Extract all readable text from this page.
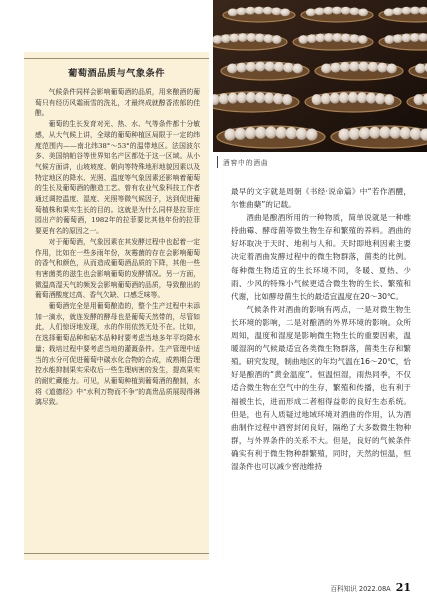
葡萄酒品质与气象条件

气候条件同样会影响葡萄酒的品质，用来酿酒的葡萄只有经历风霜雨雪的洗礼，才最终成就醇香浓郁的佳酿。

葡萄的生长发育对光、热、水、气等条件都十分敏感，从大气候上讲，全球的葡萄种植区局限于一定的纬度范围内——南北纬38°～53°的温带地区。法国波尔多、美国纳帕谷等世界知名产区都处于这一区域。从小气候方面讲，山坡坡度、朝向等特殊地形地貌因素以及特定地区的降水、光照、温度等气象因素还影响着葡萄的生长及葡萄酒的酿造工艺。曾有农业气象科技工作者通过调控温度、湿度、光照等微气候因子，达到促进葡萄植株和果实生长的目的。这就是为什么同样是拉菲庄园出产的葡萄酒，1982年的拉菲要比其他年份的拉菲要更有名的原因之一。

对于葡萄酒，气象因素在其发酵过程中也起着一定作用，比如在一些多雨年份，灰霉菌的存在会影响葡萄的香气和颜色，从而造成葡萄酒品质的下降，其他一些有害菌类的滋生也会影响葡萄的发酵情况。另一方面，微温高湿天气的频发会影响葡萄酒的品质，导致酿出的葡萄酒酸度过高、香气欠缺、口感乏味等。

葡萄酒完全是用葡萄酿造的，整个生产过程中未添加一滴水，就连发酵的酵母也是葡萄天然带的，尽管如此，人们惊讶地发现，水的作用依然无处不在。比如，在选择葡萄品种和砧木品种时要考虑当地多年平均降水量；栽培过程中要考虑当地的灌溉条件。生产管理中适当的水分可促进葡萄中碳水化合物的合成，成熟期合理控水能抑制果实采收后一些生理病害的发生，提高果实的耐贮藏能力。可见，从葡萄种植到葡萄酒的酿制，水将《道德经》中“水利万物而不争”的高贵品质展现得淋漓尽致。

酒窖中的酒曲

最早的文字就是周朝《书经·说命篇》中“若作酒醴，尔惟曲蘖”的记载。

酒曲是酿酒所用的一种物质，简单说就是一种维持曲霉、酵母菌等微生物生存和繁殖的养料。酒曲的好坏取决于天时、地利与人和。天时即地利因素主要决定着酒曲发酵过程中的微生物群落，菌类的比例。每种微生物适宜的生长环境不同，冬暖、夏热、少雨、少风的特殊小气候更适合微生物的生长、繁殖和代谢，比如酵母菌生长的最适宜温度在20～30℃。

气候条件对酒曲的影响有两点，一是对微生物生长环境的影响，二是对酿酒的外界环境的影响。众所周知，温度和湿度是影响微生物生长的重要因素，温暖湿润的气候最适宜各类微生物群落，菌类生存和繁殖。研究发现，制曲地区的年均气温在16～20℃，恰好是酿酒的“黄金温度”。恒温恒湿，雨热同季，不仅适合微生物在空气中的生存，繁殖和传播，也有利于福被生长，进而形成二者相得益彰的良好生态系统。但是，也有人质疑过地域环境对酒曲的作用，认为酒曲制作过程中酒窖封闭良好，隔绝了大多数微生物种群，与外界条件的关系不大。但是，良好的气候条件确实有利于微生物种群繁殖，同时，天然的恒温，恒湿条件也可以减少窖池维持

百科知识 2022.08A 21
